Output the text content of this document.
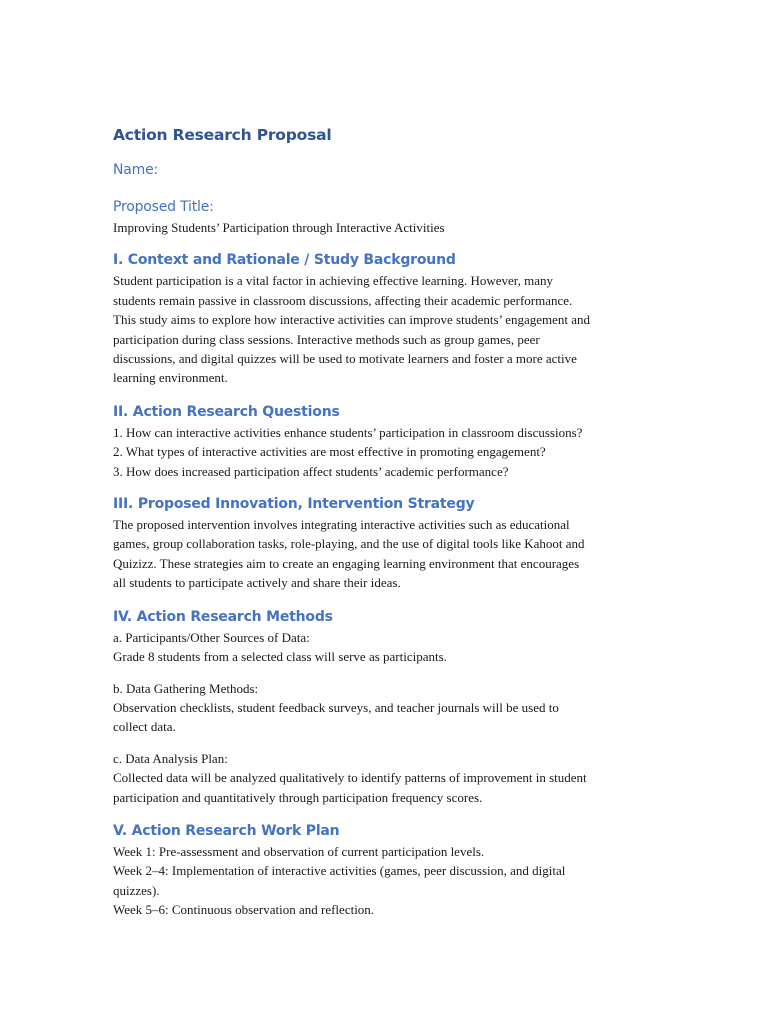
Action Research Proposal
Name:
Proposed Title:

Improving Students’ Participation through Interactive Activities

I. Context and Rationale / Study Background

Student participation is a vital factor in achieving effective learning. However, many
students remain passive in classroom discussions, affecting their academic performance.
This study aims to explore how interactive activities can improve students’ engagement and
participation during class sessions. Interactive methods such as group games, peer
discussions, and digital quizzes will be used to motivate learners and foster a more active
learning environment.

II. Action Research Questions

1. How can interactive activities enhance students’ participation in classroom discussions?
2. What types of interactive activities are most effective in promoting engagement?
3. How does increased participation affect students’ academic performance?

III. Proposed Innovation, Intervention Strategy

The proposed intervention involves integrating interactive activities such as educational
games, group collaboration tasks, role-playing, and the use of digital tools like Kahoot and
Quizizz. These strategies aim to create an engaging learning environment that encourages
all students to participate actively and share their ideas.

IV. Action Research Methods

a. Participants/Other Sources of Data:
Grade 8 students from a selected class will serve as participants.

b. Data Gathering Methods:
Observation checklists, student feedback surveys, and teacher journals will be used to
collect data.

c. Data Analysis Plan:
Collected data will be analyzed qualitatively to identify patterns of improvement in student
participation and quantitatively through participation frequency scores.

V. Action Research Work Plan

Week 1: Pre-assessment and observation of current participation levels.
Week 2–4: Implementation of interactive activities (games, peer discussion, and digital
quizzes).
Week 5–6: Continuous observation and reflection.
